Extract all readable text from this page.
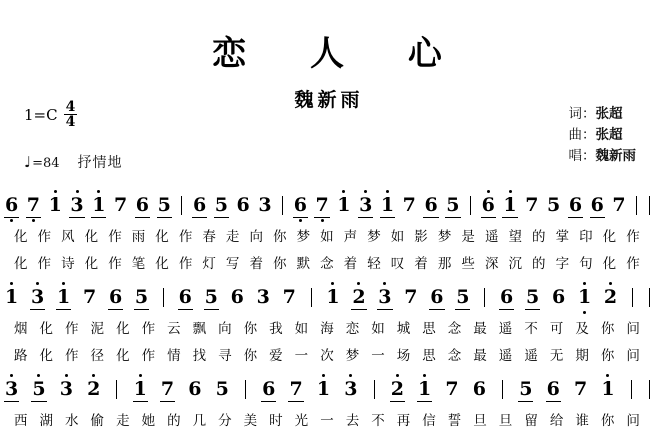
恋 人 心
魏新雨
$1=C \frac{4}{4}$
♩ =84 抒情地
词：张超
曲：张超
唱：魏新雨
6 7 1 3 1 7 6 5 6 5 6 3 6 7 1 3 1 7 6 5 6 1 7 5 6 6 7
化 作 风 化 作 雨 化 作 春 走 向 你 梦 如 声 梦 如 影 梦 是 遥 望 的 掌 印 化 作
化 作 诗 化 作 笔 化 作 灯 写 着 你 默 念 着 轻 叹 着 那 些 深 沉 的 字 句 化 作
1 3 1 7 6 5 6 5 6 3 7 1 2 3 7 6 5 6 5 6 1 2
烟 化 作 泥 化 作 云 飘 向 你 我 如 海 恋 如 城 思 念 最 遥 不 可 及 你 问
路 化 作 径 化 作 情 找 寻 你 爱 一 次 梦 一 场 思 念 最 遥 遥 无 期 你 问
3 5 3 2 1 7 6 5 6 7 1 3 2 1 7 6 5 6 7 1
西 湖 水 偷 走 她 的 几 分 美 时 光 一 去 不 再 信 誓 旦 旦 留 给 谁 你 问
